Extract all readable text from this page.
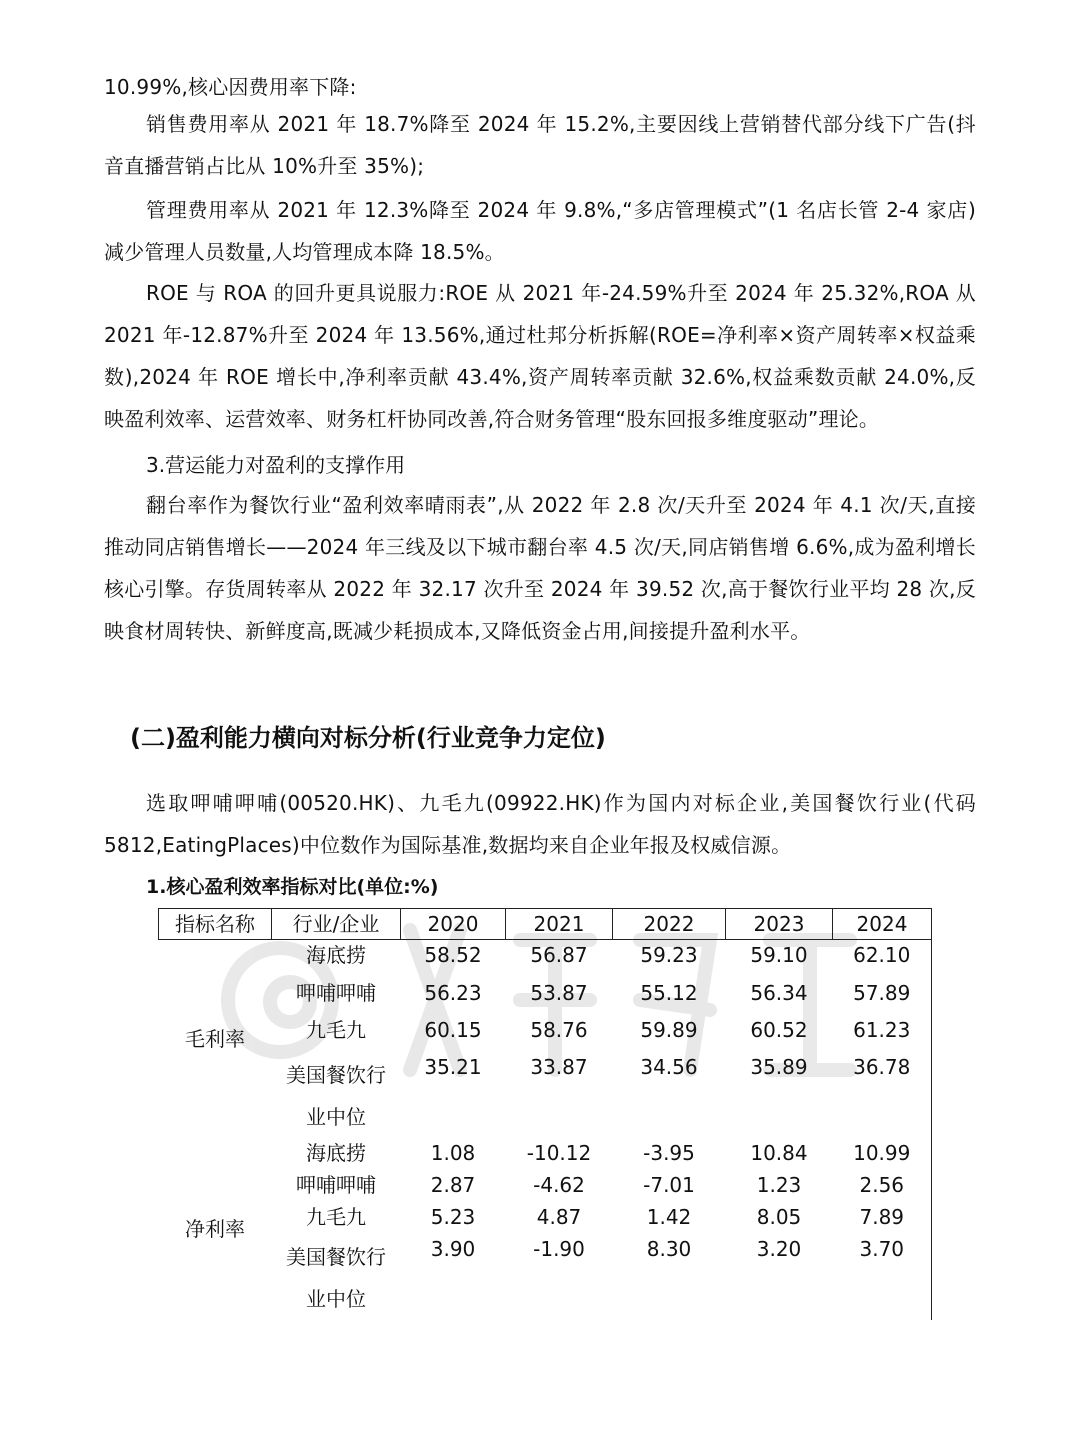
10.99%,核心因费用率下降:

销售费用率从 2021 年 18.7%降至 2024 年 15.2%,主要因线上营销替代部分线下广告(抖音直播营销占比从 10%升至 35%);

管理费用率从 2021 年 12.3%降至 2024 年 9.8%,“多店管理模式”(1 名店长管 2-4 家店)减少管理人员数量,人均管理成本降 18.5%。

ROE 与 ROA 的回升更具说服力:ROE 从 2021 年-24.59%升至 2024 年 25.32%,ROA 从 2021 年-12.87%升至 2024 年 13.56%,通过杜邦分析拆解(ROE=净利率×资产周转率×权益乘数),2024 年 ROE 增长中,净利率贡献 43.4%,资产周转率贡献 32.6%,权益乘数贡献 24.0%,反映盈利效率、运营效率、财务杠杆协同改善,符合财务管理“股东回报多维度驱动”理论。

3.营运能力对盈利的支撑作用

翻台率作为餐饮行业“盈利效率晴雨表”,从 2022 年 2.8 次/天升至 2024 年 4.1 次/天,直接推动同店销售增长——2024 年三线及以下城市翻台率 4.5 次/天,同店销售增 6.6%,成为盈利增长核心引擎。存货周转率从 2022 年 32.17 次升至 2024 年 39.52 次,高于餐饮行业平均 28 次,反映食材周转快、新鲜度高,既减少耗损成本,又降低资金占用,间接提升盈利水平。

(二)盈利能力横向对标分析(行业竞争力定位)

选取呷哺呷哺(00520.HK)、九毛九(09922.HK)作为国内对标企业,美国餐饮行业(代码 5812,EatingPlaces)中位数作为国际基准,数据均来自企业年报及权威信源。

1.核心盈利效率指标对比(单位:%)

指标名称	行业/企业	2020	2021	2022	2023	2024
毛利率	海底捞	58.52	56.87	59.23	59.10	62.10
	呷哺呷哺	56.23	53.87	55.12	56.34	57.89
	九毛九	60.15	58.76	59.89	60.52	61.23

	美国餐饮行业中位	35.21	33.87	34.56	35.89	36.78
净利率	海底捞	1.08	-10.12	-3.95	10.84	10.99
	呷哺呷哺	2.87	-4.62	-7.01	1.23	2.56
	九毛九	5.23	4.87	1.42	8.05	7.89

	美国餐饮行业中位	3.90	-1.90	8.30	3.20	3.70
